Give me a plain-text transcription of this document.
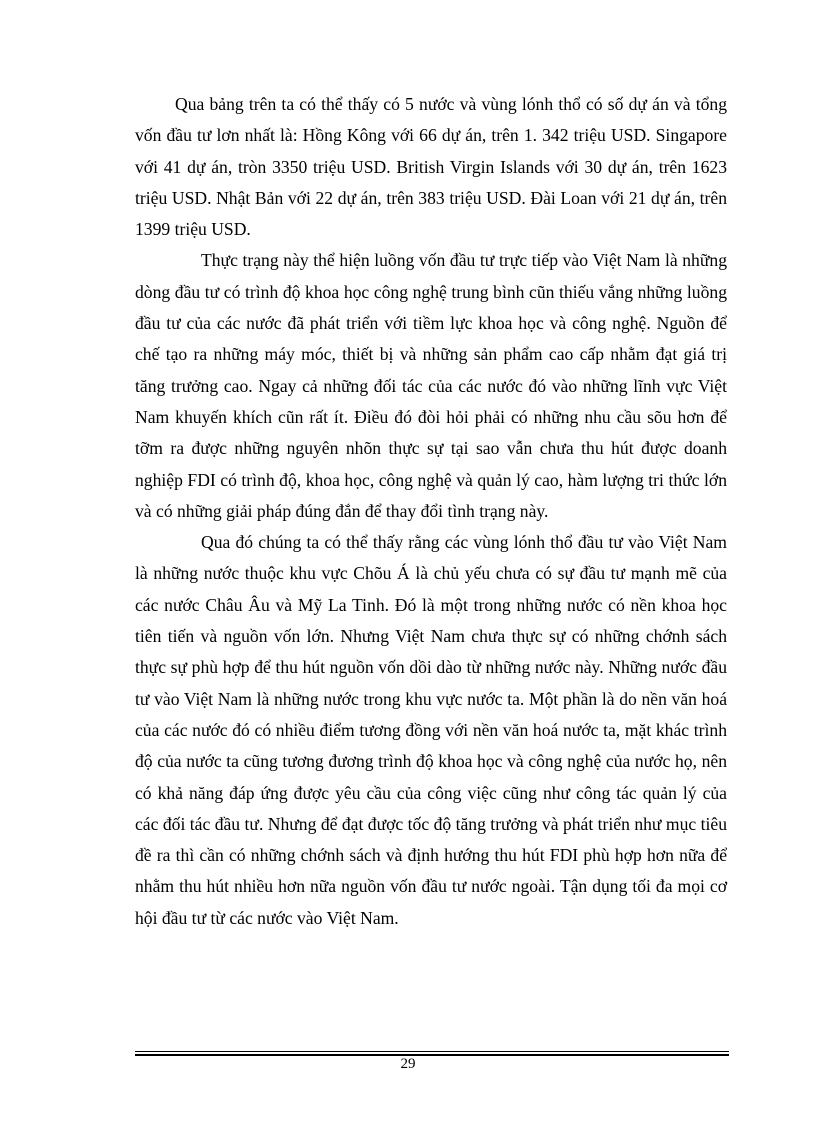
Qua bảng trên ta có thể thấy có 5 nước và vùng lónh thổ có số dự án và tổng vốn đầu tư lơn nhất là: Hồng Kông với 66 dự án, trên 1. 342 triệu USD. Singapore với 41 dự án, tròn 3350 triệu USD. British Virgin Islands với 30 dự án, trên 1623 triệu USD. Nhật Bản với 22 dự án, trên 383 triệu USD. Đài Loan với 21 dự án, trên 1399 triệu USD.

Thực trạng này thể hiện luồng vốn đầu tư trực tiếp vào Việt Nam là những dòng đầu tư có trình độ khoa học công nghệ trung bình cũn thiếu vắng những luồng đầu tư của các nước đã phát triển với tiềm lực khoa học và công nghệ. Nguồn để chế tạo ra những máy móc, thiết bị và những sản phẩm cao cấp nhằm đạt giá trị tăng trưởng cao. Ngay cả những đối tác của các nước đó vào những lĩnh vực Việt Nam khuyến khích cũn rất ít. Điều đó đòi hỏi phải có những nhu cầu sõu hơn để tỡm ra được những nguyên nhõn thực sự tại sao vẫn chưa thu hút được doanh nghiệp FDI có trình độ, khoa học, công nghệ và quản lý cao, hàm lượng tri thức lớn và có những giải pháp đúng đắn để thay đổi tình trạng này.

Qua đó chúng ta có thể thấy rằng các vùng lónh thổ đầu tư vào Việt Nam là những nước thuộc khu vực Chõu Á là chủ yếu chưa có sự đầu tư mạnh mẽ của các nước Châu Âu và Mỹ La Tinh. Đó là một trong những nước có nền khoa học tiên tiến và nguồn vốn lớn. Nhưng Việt Nam chưa thực sự có những chớnh sách thực sự phù hợp để thu hút nguồn vốn dồi dào từ những nước này. Những nước đầu tư vào Việt Nam là những nước trong khu vực nước ta. Một phần là do nền văn hoá của các nước đó có nhiều điểm tương đồng với nền văn hoá nước ta, mặt khác trình độ của nước ta cũng tương đương trình độ khoa học và công nghệ của nước họ, nên có khả năng đáp ứng được yêu cầu của công việc cũng như công tác quản lý của các đối tác đầu tư. Nhưng để đạt được tốc độ tăng trưởng và phát triển như mục tiêu đề ra thì cần có những chớnh sách và định hướng thu hút FDI phù hợp hơn nữa để nhằm thu hút nhiều hơn nữa nguồn vốn đầu tư nước ngoài. Tận dụng tối đa mọi cơ hội đầu tư từ các nước vào Việt Nam.

29
